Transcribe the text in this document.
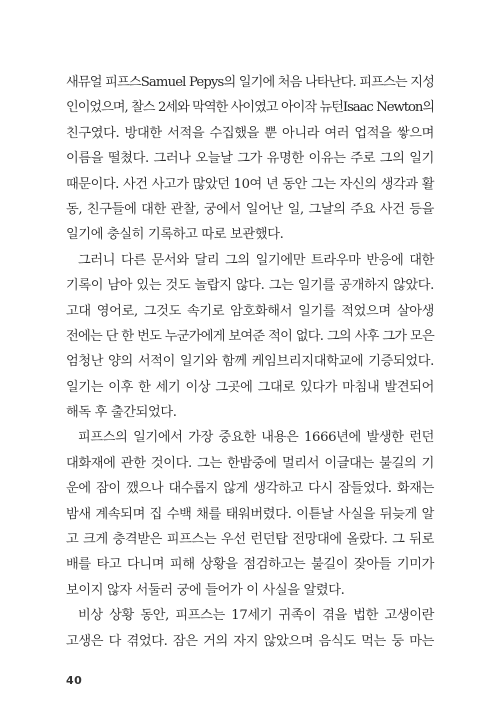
새뮤얼 피프스Samuel Pepys의 일기에 처음 나타난다. 피프스는 지성
인이었으며, 찰스 2세와 막역한 사이였고 아이작 뉴턴Isaac Newton의
친구였다. 방대한 서적을 수집했을 뿐 아니라 여러 업적을 쌓으며
이름을 떨쳤다. 그러나 오늘날 그가 유명한 이유는 주로 그의 일기
때문이다. 사건 사고가 많았던 10여 년 동안 그는 자신의 생각과 활
동, 친구들에 대한 관찰, 궁에서 일어난 일, 그날의 주요 사건 등을
일기에 충실히 기록하고 따로 보관했다.
그러니 다른 문서와 달리 그의 일기에만 트라우마 반응에 대한
기록이 남아 있는 것도 놀랍지 않다. 그는 일기를 공개하지 않았다.
고대 영어로, 그것도 속기로 암호화해서 일기를 적었으며 살아생
전에는 단 한 번도 누군가에게 보여준 적이 없다. 그의 사후 그가 모은
엄청난 양의 서적이 일기와 함께 케임브리지대학교에 기증되었다.
일기는 이후 한 세기 이상 그곳에 그대로 있다가 마침내 발견되어
해독 후 출간되었다.
피프스의 일기에서 가장 중요한 내용은 1666년에 발생한 런던
대화재에 관한 것이다. 그는 한밤중에 멀리서 이글대는 불길의 기
운에 잠이 깼으나 대수롭지 않게 생각하고 다시 잠들었다. 화재는
밤새 계속되며 집 수백 채를 태워버렸다. 이튿날 사실을 뒤늦게 알
고 크게 충격받은 피프스는 우선 런던탑 전망대에 올랐다. 그 뒤로
배를 타고 다니며 피해 상황을 점검하고는 불길이 잦아들 기미가
보이지 않자 서둘러 궁에 들어가 이 사실을 알렸다.
비상 상황 동안, 피프스는 17세기 귀족이 겪을 법한 고생이란
고생은 다 겪었다. 잠은 거의 자지 않았으며 음식도 먹는 둥 마는
40
